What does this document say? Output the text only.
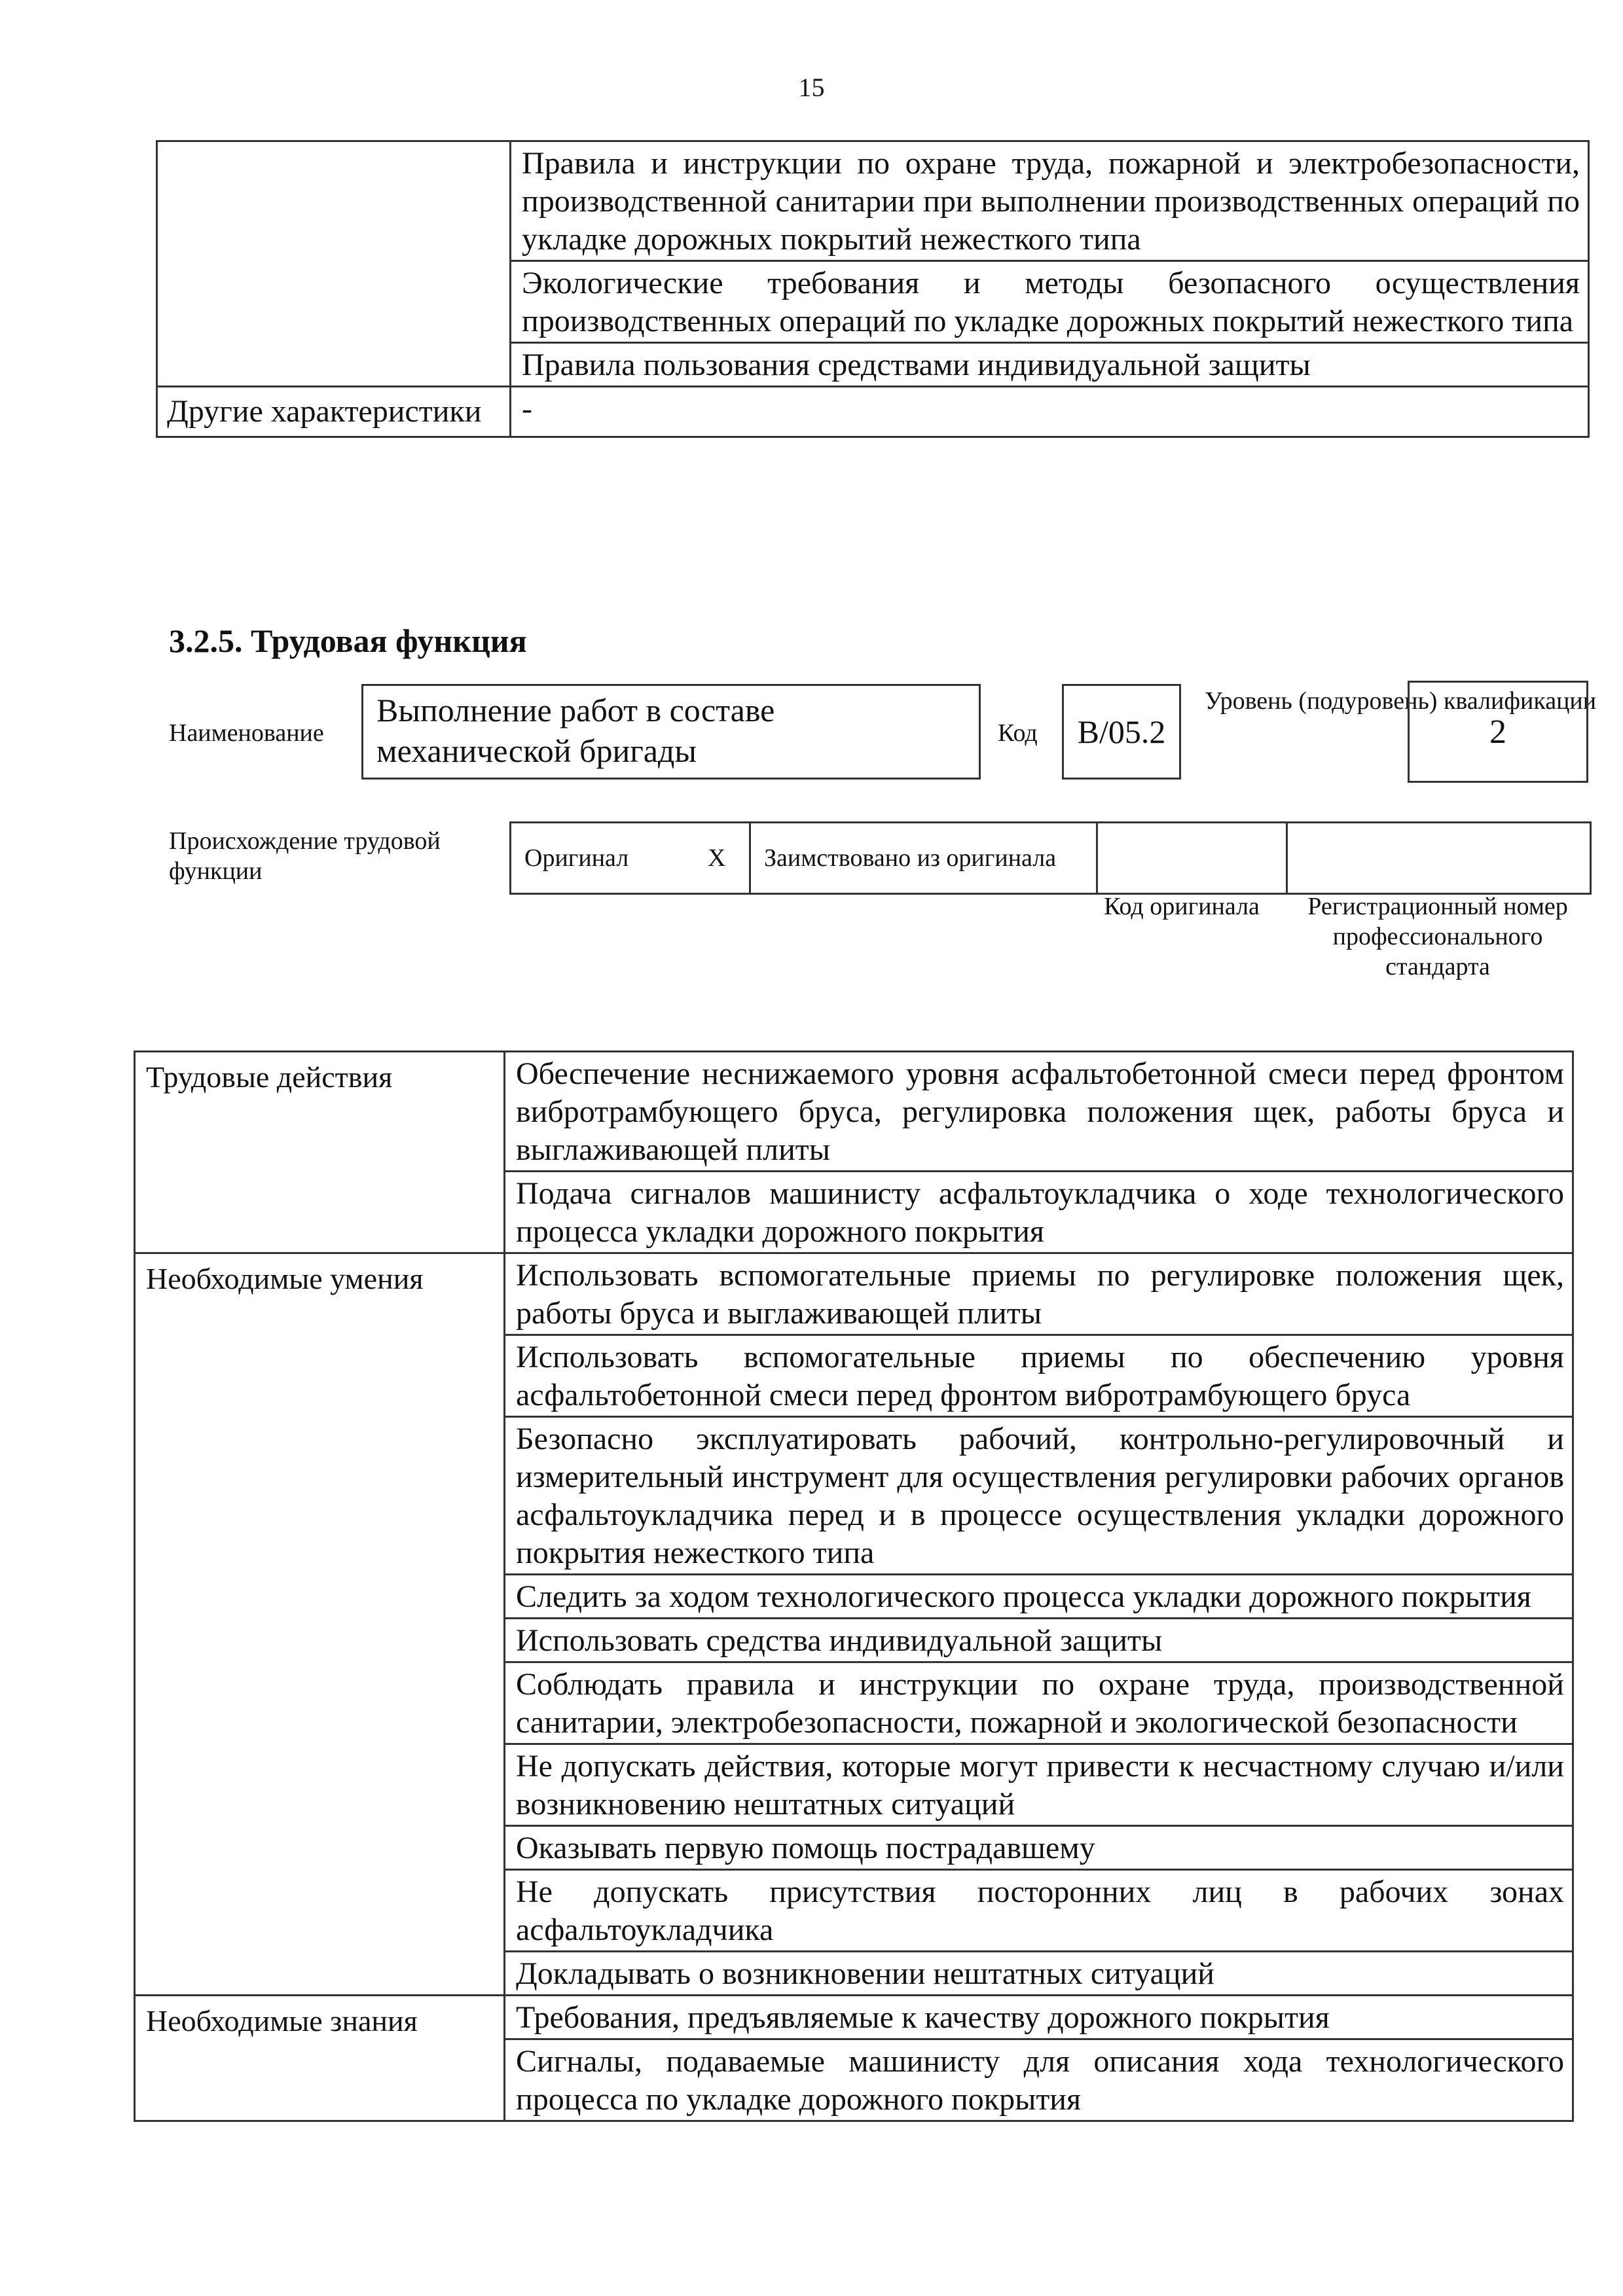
15

	Правила и инструкции по охране труда, пожарной и электробезопасности, производственной санитарии при выполнении производственных операций по укладке дорожных покрытий нежесткого типа

	Экологические требования и методы безопасного осуществления производственных операций по укладке дорожных покрытий нежесткого типа

	Правила пользования средствами индивидуальной защиты

Другие характеристики	-
3.2.5. Трудовая функция
Наименование
Выполнение работ в составе механической бригады	Код	B/05.2
Уровень (подуровень) квалификации
2
Происхождение трудовой функции	Оригинал	X	Заимствовано из оригинала

Код оригинала	Регистрационный номер профессионального стандарта
Трудовые действия	Обеспечение неснижаемого уровня асфальтобетонной смеси перед фронтом вибротрамбующего бруса, регулировка положения щек, работы бруса и выглаживающей плиты

	Подача сигналов машинисту асфальтоукладчика о ходе технологического процесса укладки дорожного покрытия

Необходимые умения	Использовать вспомогательные приемы по регулировке положения щек, работы бруса и выглаживающей плиты

	Использовать вспомогательные приемы по обеспечению уровня асфальтобетонной смеси перед фронтом вибротрамбующего бруса

	Безопасно эксплуатировать рабочий, контрольно-регулировочный и измерительный инструмент для осуществления регулировки рабочих органов асфальтоукладчика перед и в процессе осуществления укладки дорожного покрытия нежесткого типа

	Следить за ходом технологического процесса укладки дорожного покрытия

	Использовать средства индивидуальной защиты

	Соблюдать правила и инструкции по охране труда, производственной санитарии, электробезопасности, пожарной и экологической безопасности

	Не допускать действия, которые могут привести к несчастному случаю и/или возникновению нештатных ситуаций

	Оказывать первую помощь пострадавшему

	Не допускать присутствия посторонних лиц в рабочих зонах асфальтоукладчика

	Докладывать о возникновении нештатных ситуаций

Необходимые знания	Требования, предъявляемые к качеству дорожного покрытия

	Сигналы, подаваемые машинисту для описания хода технологического процесса по укладке дорожного покрытия
